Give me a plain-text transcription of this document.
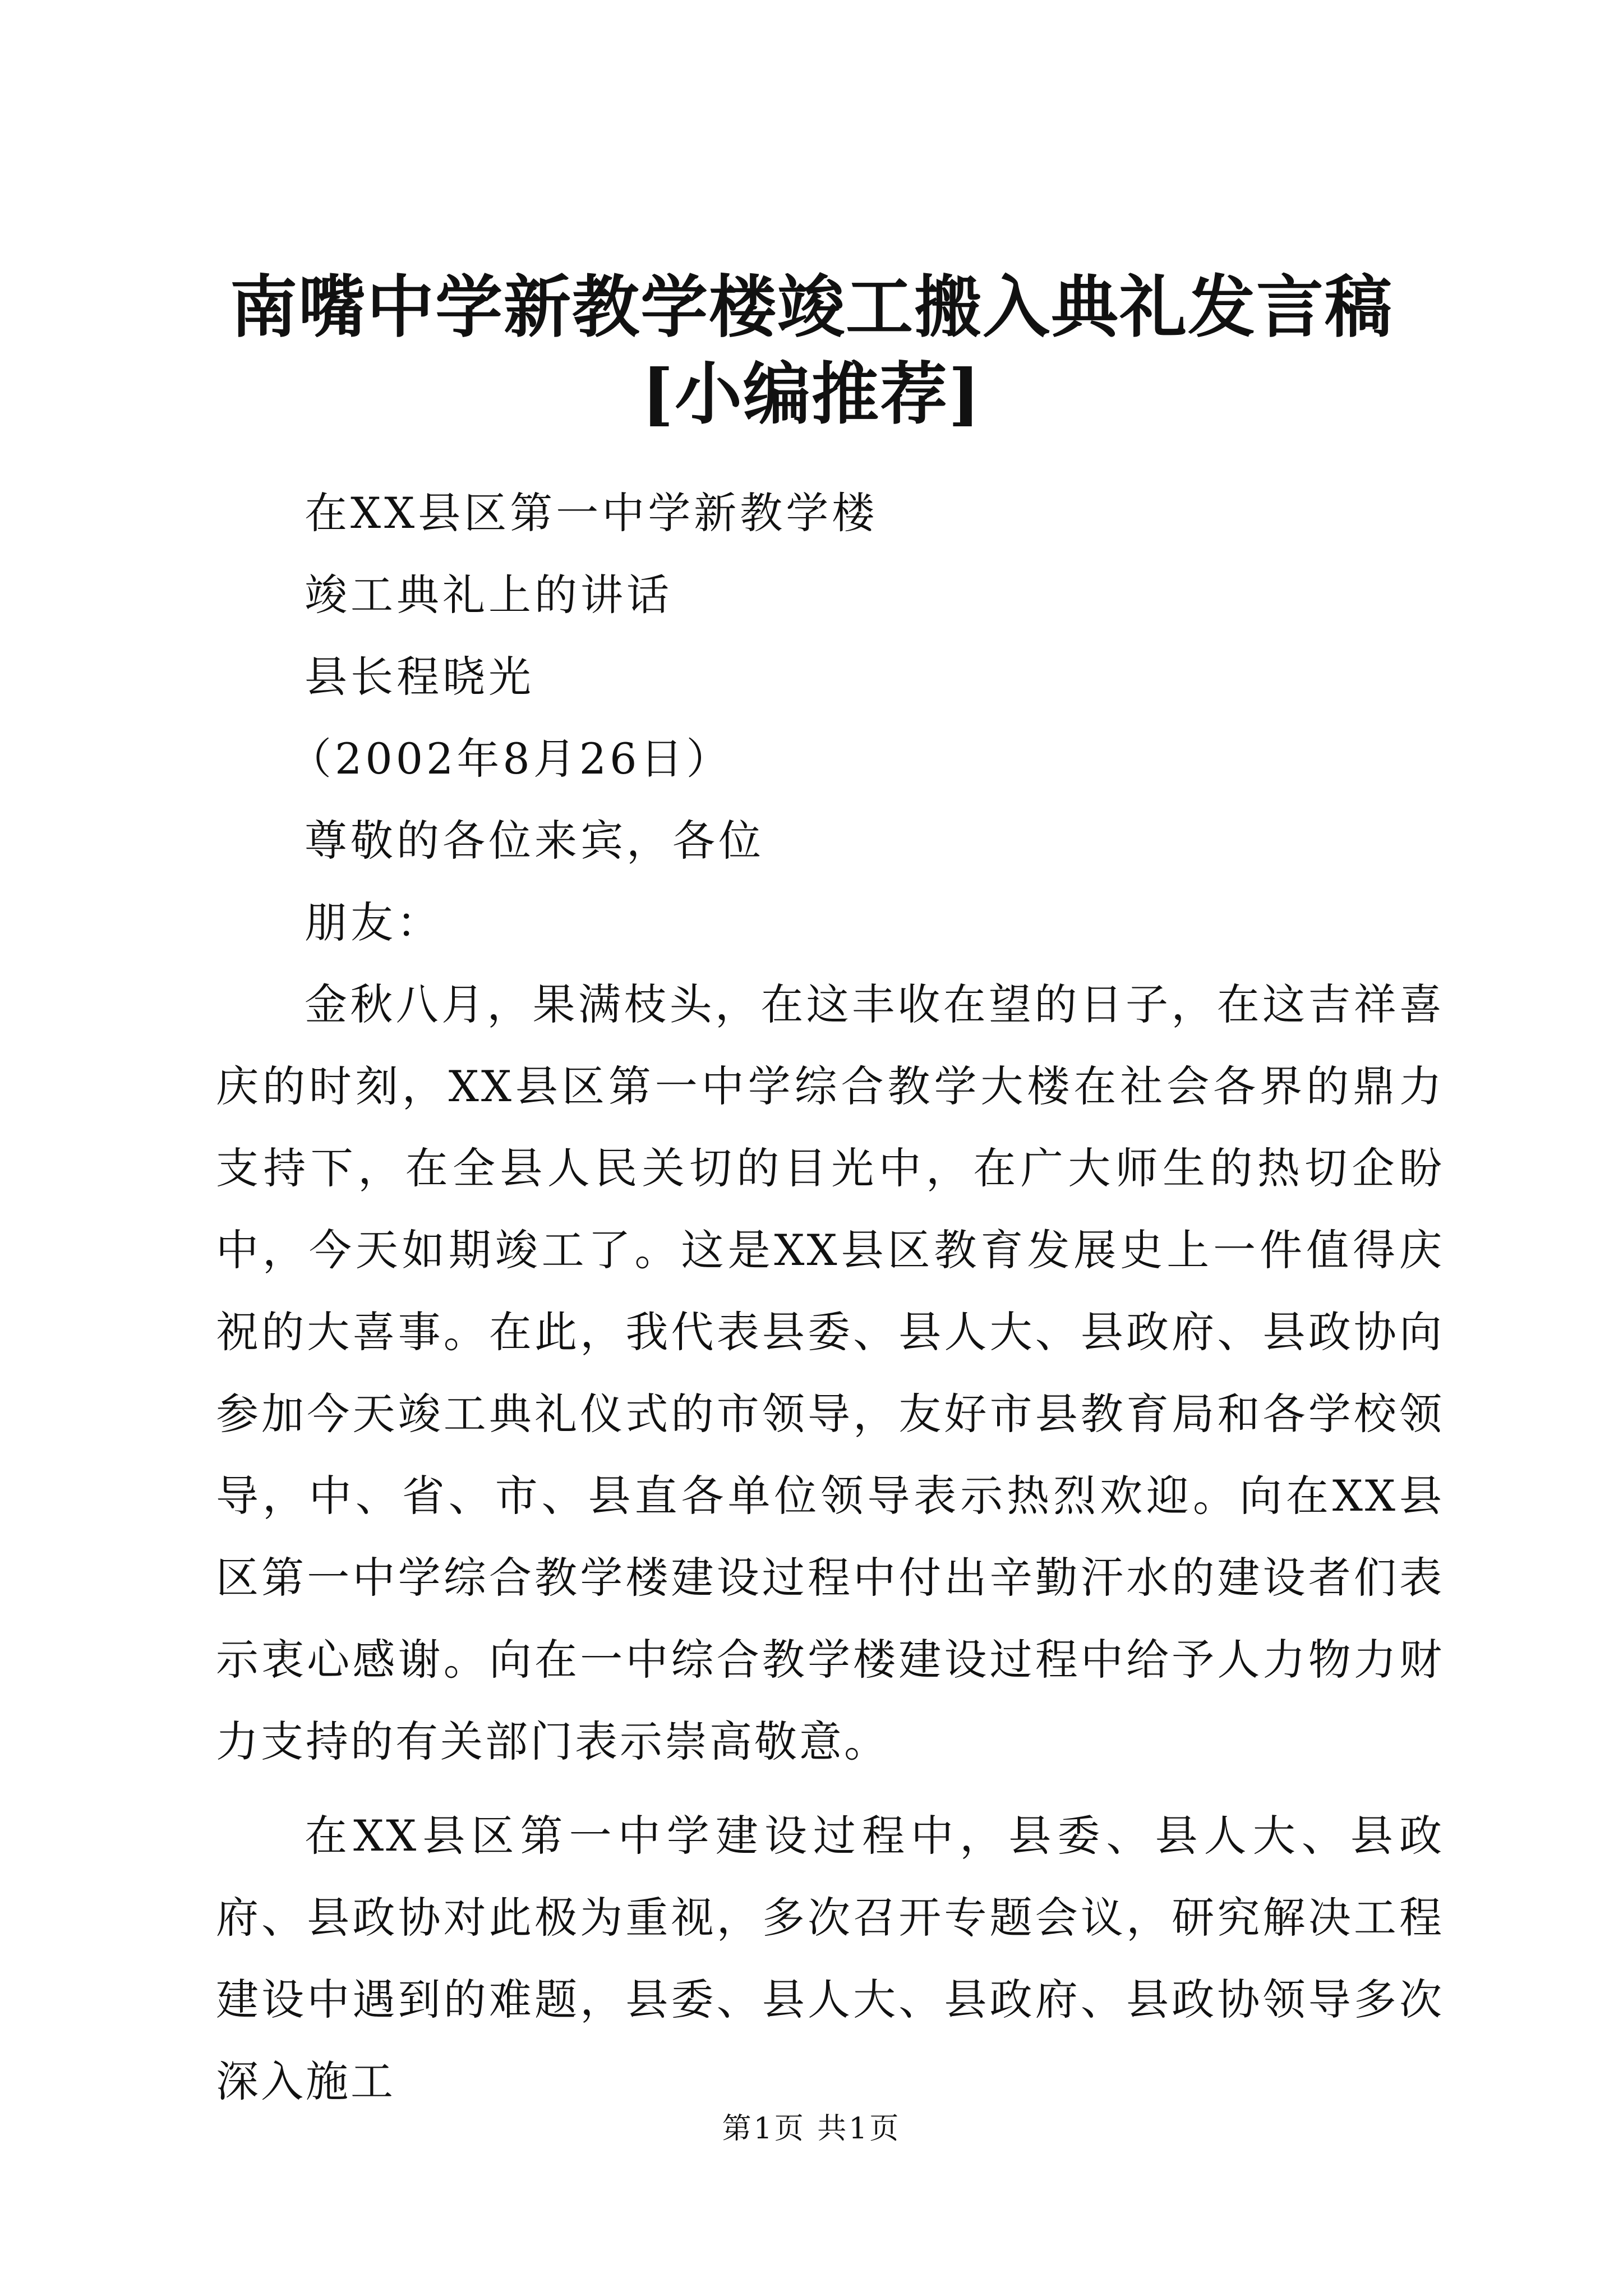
南嘴中学新教学楼竣工搬入典礼发言稿[小编推荐]

在XX县区第一中学新教学楼

竣工典礼上的讲话

县长程晓光

（2002年8月26日）

尊敬的各位来宾，各位

朋友：

金秋八月，果满枝头，在这丰收在望的日子，在这吉祥喜庆的时刻，XX县区第一中学综合教学大楼在社会各界的鼎力支持下，在全县人民关切的目光中，在广大师生的热切企盼中，今天如期竣工了。这是XX县区教育发展史上一件值得庆祝的大喜事。在此，我代表县委、县人大、县政府、县政协向参加今天竣工典礼仪式的市领导，友好市县教育局和各学校领导，中、省、市、县直各单位领导表示热烈欢迎。向在XX县区第一中学综合教学楼建设过程中付出辛勤汗水的建设者们表示衷心感谢。向在一中综合教学楼建设过程中给予人力物力财力支持的有关部门表示崇高敬意。

在XX县区第一中学建设过程中，县委、县人大、县政府、县政协对此极为重视，多次召开专题会议，研究解决工程建设中遇到的难题，县委、县人大、县政府、县政协领导多次深入施工

第1页 共1页
